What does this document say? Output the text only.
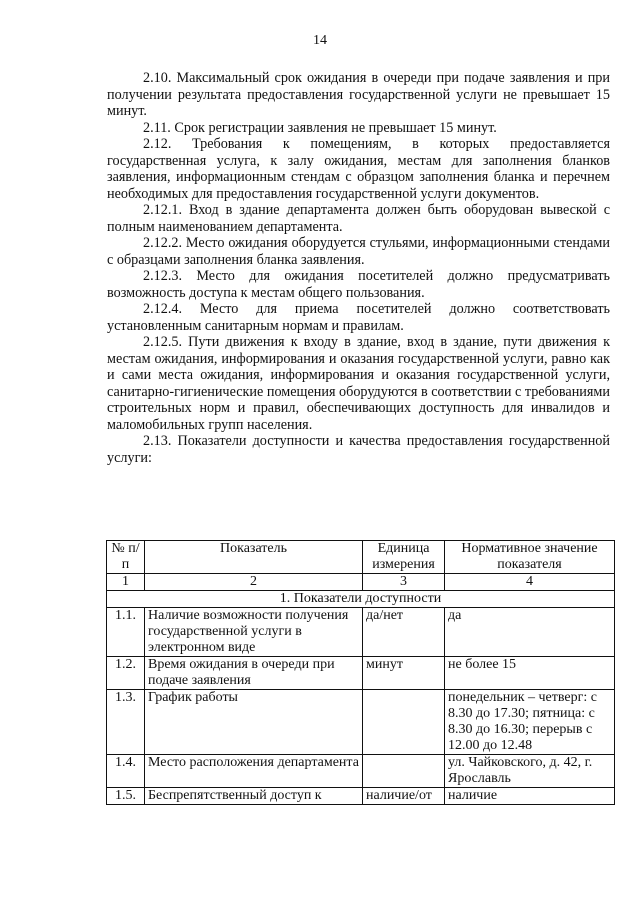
14

2.10. Максимальный срок ожидания в очереди при подаче заявления и при получении результата предоставления государственной услуги не превышает 15 минут.

2.11. Срок регистрации заявления не превышает 15 минут.

2.12. Требования к помещениям, в которых предоставляется государственная услуга, к залу ожидания, местам для заполнения бланков заявления, информационным стендам с образцом заполнения бланка и перечнем необходимых для предоставления государственной услуги документов.

2.12.1. Вход в здание департамента должен быть оборудован вывеской с полным наименованием департамента.

2.12.2. Место ожидания оборудуется стульями, информационными стендами с образцами заполнения бланка заявления.

2.12.3. Место для ожидания посетителей должно предусматривать возможность доступа к местам общего пользования.

2.12.4. Место для приема посетителей должно соответствовать установленным санитарным нормам и правилам.

2.12.5. Пути движения к входу в здание, вход в здание, пути движения к местам ожидания, информирования и оказания государственной услуги, равно как и сами места ожидания, информирования и оказания государственной услуги, санитарно-гигиенические помещения оборудуются в соответствии с требованиями строительных норм и правил, обеспечивающих доступность для инвалидов и маломобильных групп населения.

2.13. Показатели доступности и качества предоставления государственной услуги:

№ п/п	Показатель	Единица измерения	Нормативное значение показателя
1	2	3	4
1. Показатели доступности			
1.1.	Наличие возможности получения государственной услуги в электронном виде	да/нет	да
1.2.	Время ожидания в очереди при подаче заявления	минут	не более 15
1.3.	График работы		понедельник – четверг: с 8.30 до 17.30; пятница: с 8.30 до 16.30; перерыв с 12.00 до 12.48
1.4.	Место расположения департамента		ул. Чайковского, д. 42, г. Ярославль
1.5.	Беспрепятственный доступ к	наличие/от	наличие
